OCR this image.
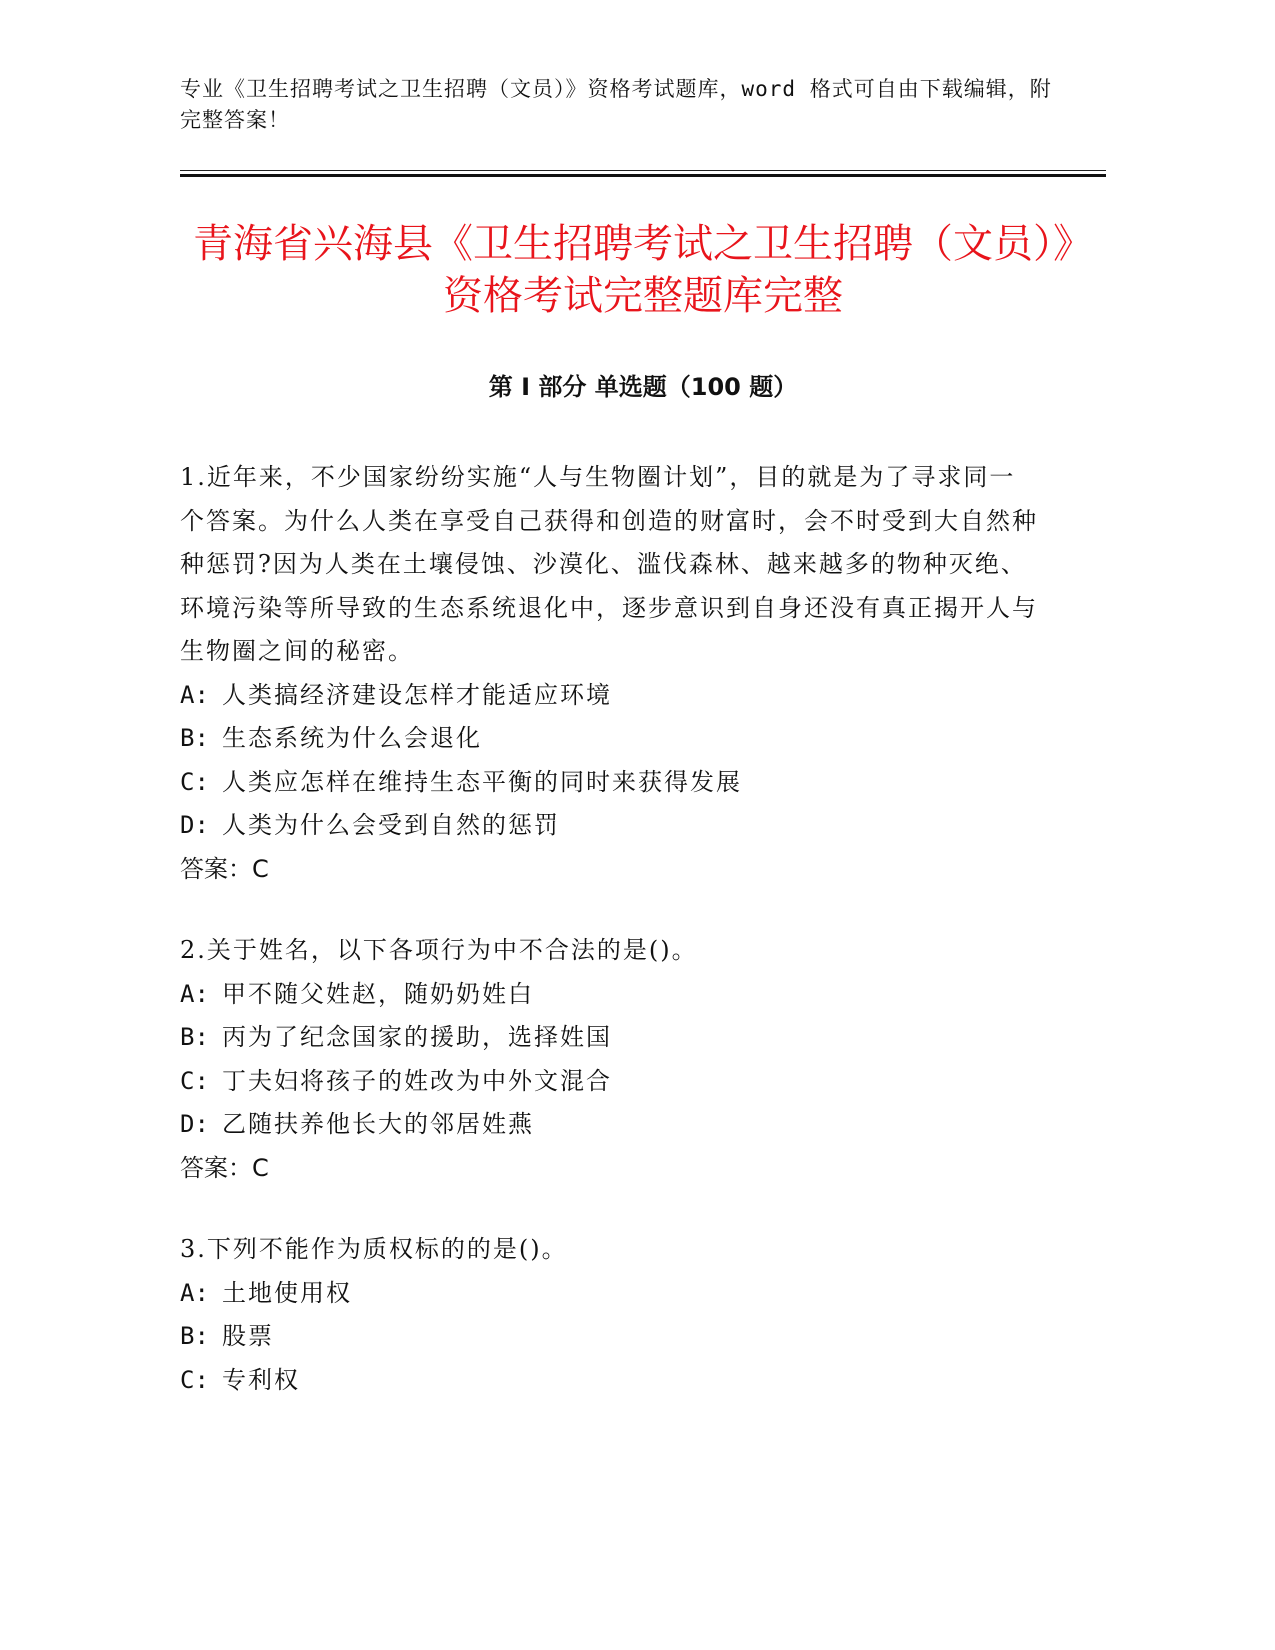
专业《卫生招聘考试之卫生招聘（文员）》资格考试题库，word 格式可自由下载编辑，附完整答案！
青海省兴海县《卫生招聘考试之卫生招聘（文员）》资格考试完整题库完整
第 I 部分 单选题（100 题）

1.近年来，不少国家纷纷实施“人与生物圈计划”，目的就是为了寻求同一个答案。为什么人类在享受自己获得和创造的财富时，会不时受到大自然种种惩罚?因为人类在土壤侵蚀、沙漠化、滥伐森林、越来越多的物种灭绝、环境污染等所导致的生态系统退化中，逐步意识到自身还没有真正揭开人与生物圈之间的秘密。

A: 人类搞经济建设怎样才能适应环境
B: 生态系统为什么会退化
C: 人类应怎样在维持生态平衡的同时来获得发展
D: 人类为什么会受到自然的惩罚

答案：C

2.关于姓名，以下各项行为中不合法的是()。

A: 甲不随父姓赵，随奶奶姓白
B: 丙为了纪念国家的援助，选择姓国
C: 丁夫妇将孩子的姓改为中外文混合
D: 乙随扶养他长大的邻居姓燕

答案：C

3.下列不能作为质权标的的是()。

A: 土地使用权
B: 股票
C: 专利权
